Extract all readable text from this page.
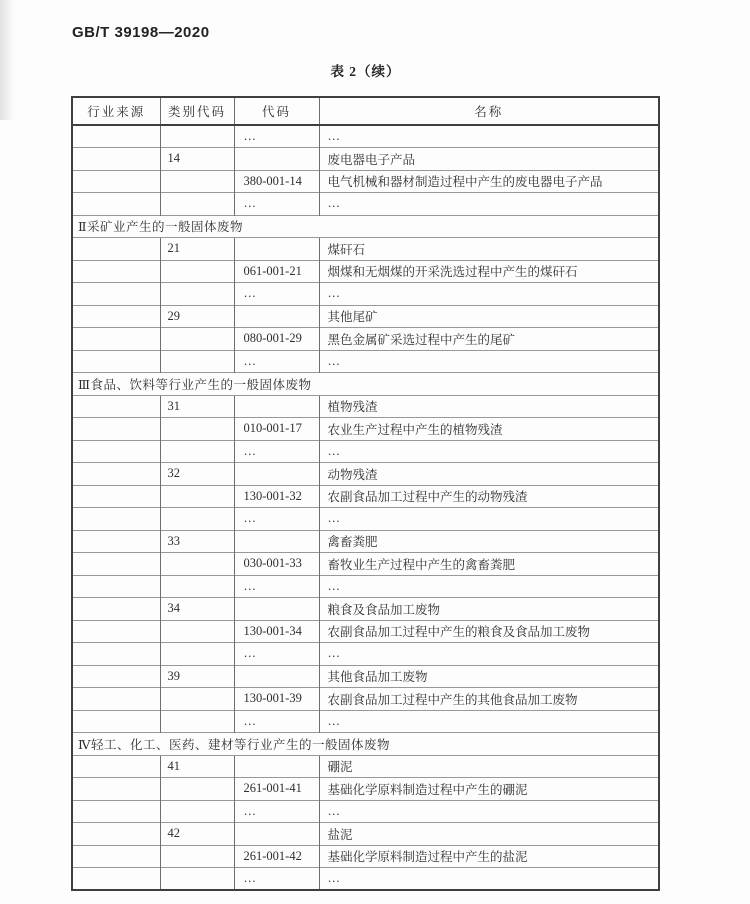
GB/T 39198—2020
表 2（续）
行业来源	类别代码	代码	名称
		…	…
	14		废电器电子产品
		380-001-14	电气机械和器材制造过程中产生的废电器电子产品
		…	…
Ⅱ采矿业产生的一般固体废物			
	21		煤矸石
		061-001-21	烟煤和无烟煤的开采洗选过程中产生的煤矸石
		…	…
	29		其他尾矿
		080-001-29	黑色金属矿采选过程中产生的尾矿
		…	…
Ⅲ食品、饮料等行业产生的一般固体废物			
	31		植物残渣
		010-001-17	农业生产过程中产生的植物残渣
		…	…
	32		动物残渣
		130-001-32	农副食品加工过程中产生的动物残渣
		…	…
	33		禽畜粪肥
		030-001-33	畜牧业生产过程中产生的禽畜粪肥
		…	…
	34		粮食及食品加工废物
		130-001-34	农副食品加工过程中产生的粮食及食品加工废物
		…	…
	39		其他食品加工废物
		130-001-39	农副食品加工过程中产生的其他食品加工废物
		…	…
Ⅳ轻工、化工、医药、建材等行业产生的一般固体废物			
	41		硼泥
		261-001-41	基础化学原料制造过程中产生的硼泥
		…	…
	42		盐泥
		261-001-42	基础化学原料制造过程中产生的盐泥
		…	…
